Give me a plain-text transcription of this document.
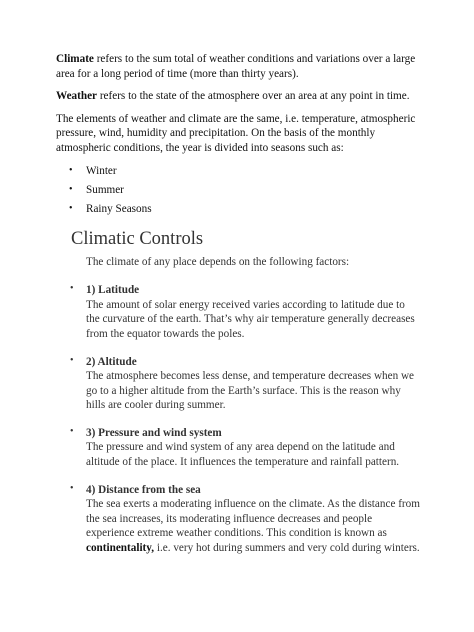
Climate refers to the sum total of weather conditions and variations over a large area for a long period of time (more than thirty years).

Weather refers to the state of the atmosphere over an area at any point in time.

The elements of weather and climate are the same, i.e. temperature, atmospheric pressure, wind, humidity and precipitation. On the basis of the monthly atmospheric conditions, the year is divided into seasons such as:

• Winter
• Summer
• Rainy Seasons
Climatic Controls

The climate of any place depends on the following factors:

• 1) Latitude
The amount of solar energy received varies according to latitude due to the curvature of the earth. That’s why air temperature generally decreases from the equator towards the poles.
• 2) Altitude
The atmosphere becomes less dense, and temperature decreases when we go to a higher altitude from the Earth’s surface. This is the reason why hills are cooler during summer.
• 3) Pressure and wind system
The pressure and wind system of any area depend on the latitude and altitude of the place. It influences the temperature and rainfall pattern.
• 4) Distance from the sea
The sea exerts a moderating influence on the climate. As the distance from the sea increases, its moderating influence decreases and people experience extreme weather conditions. This condition is known as continentality, i.e. very hot during summers and very cold during winters.
